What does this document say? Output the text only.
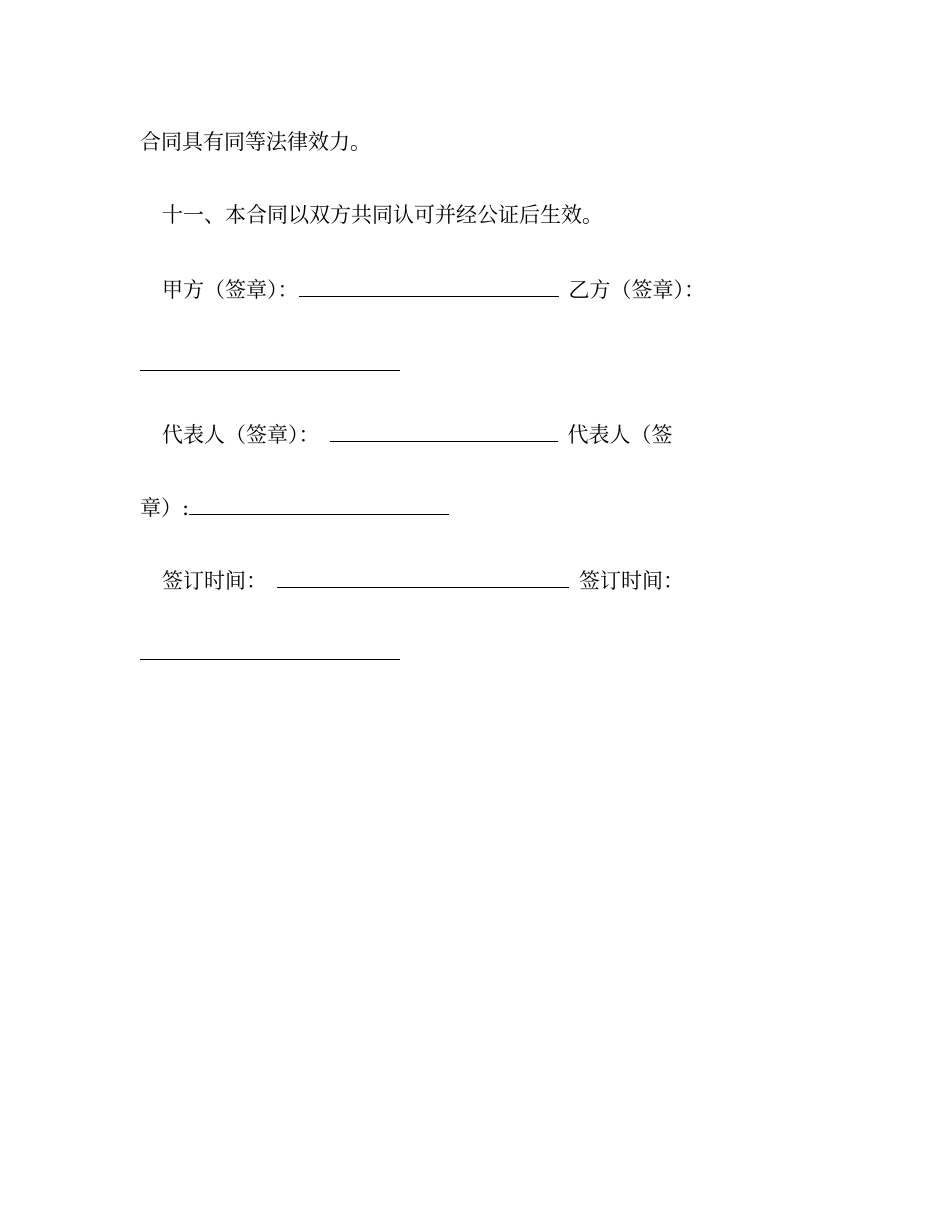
合同具有同等法律效力。
十一、本合同以双方共同认可并经公证后生效。
甲方（签章）：	乙方（签章）：
代表人（签章）：	代表人（签
章）:
签订时间：	签订时间：
